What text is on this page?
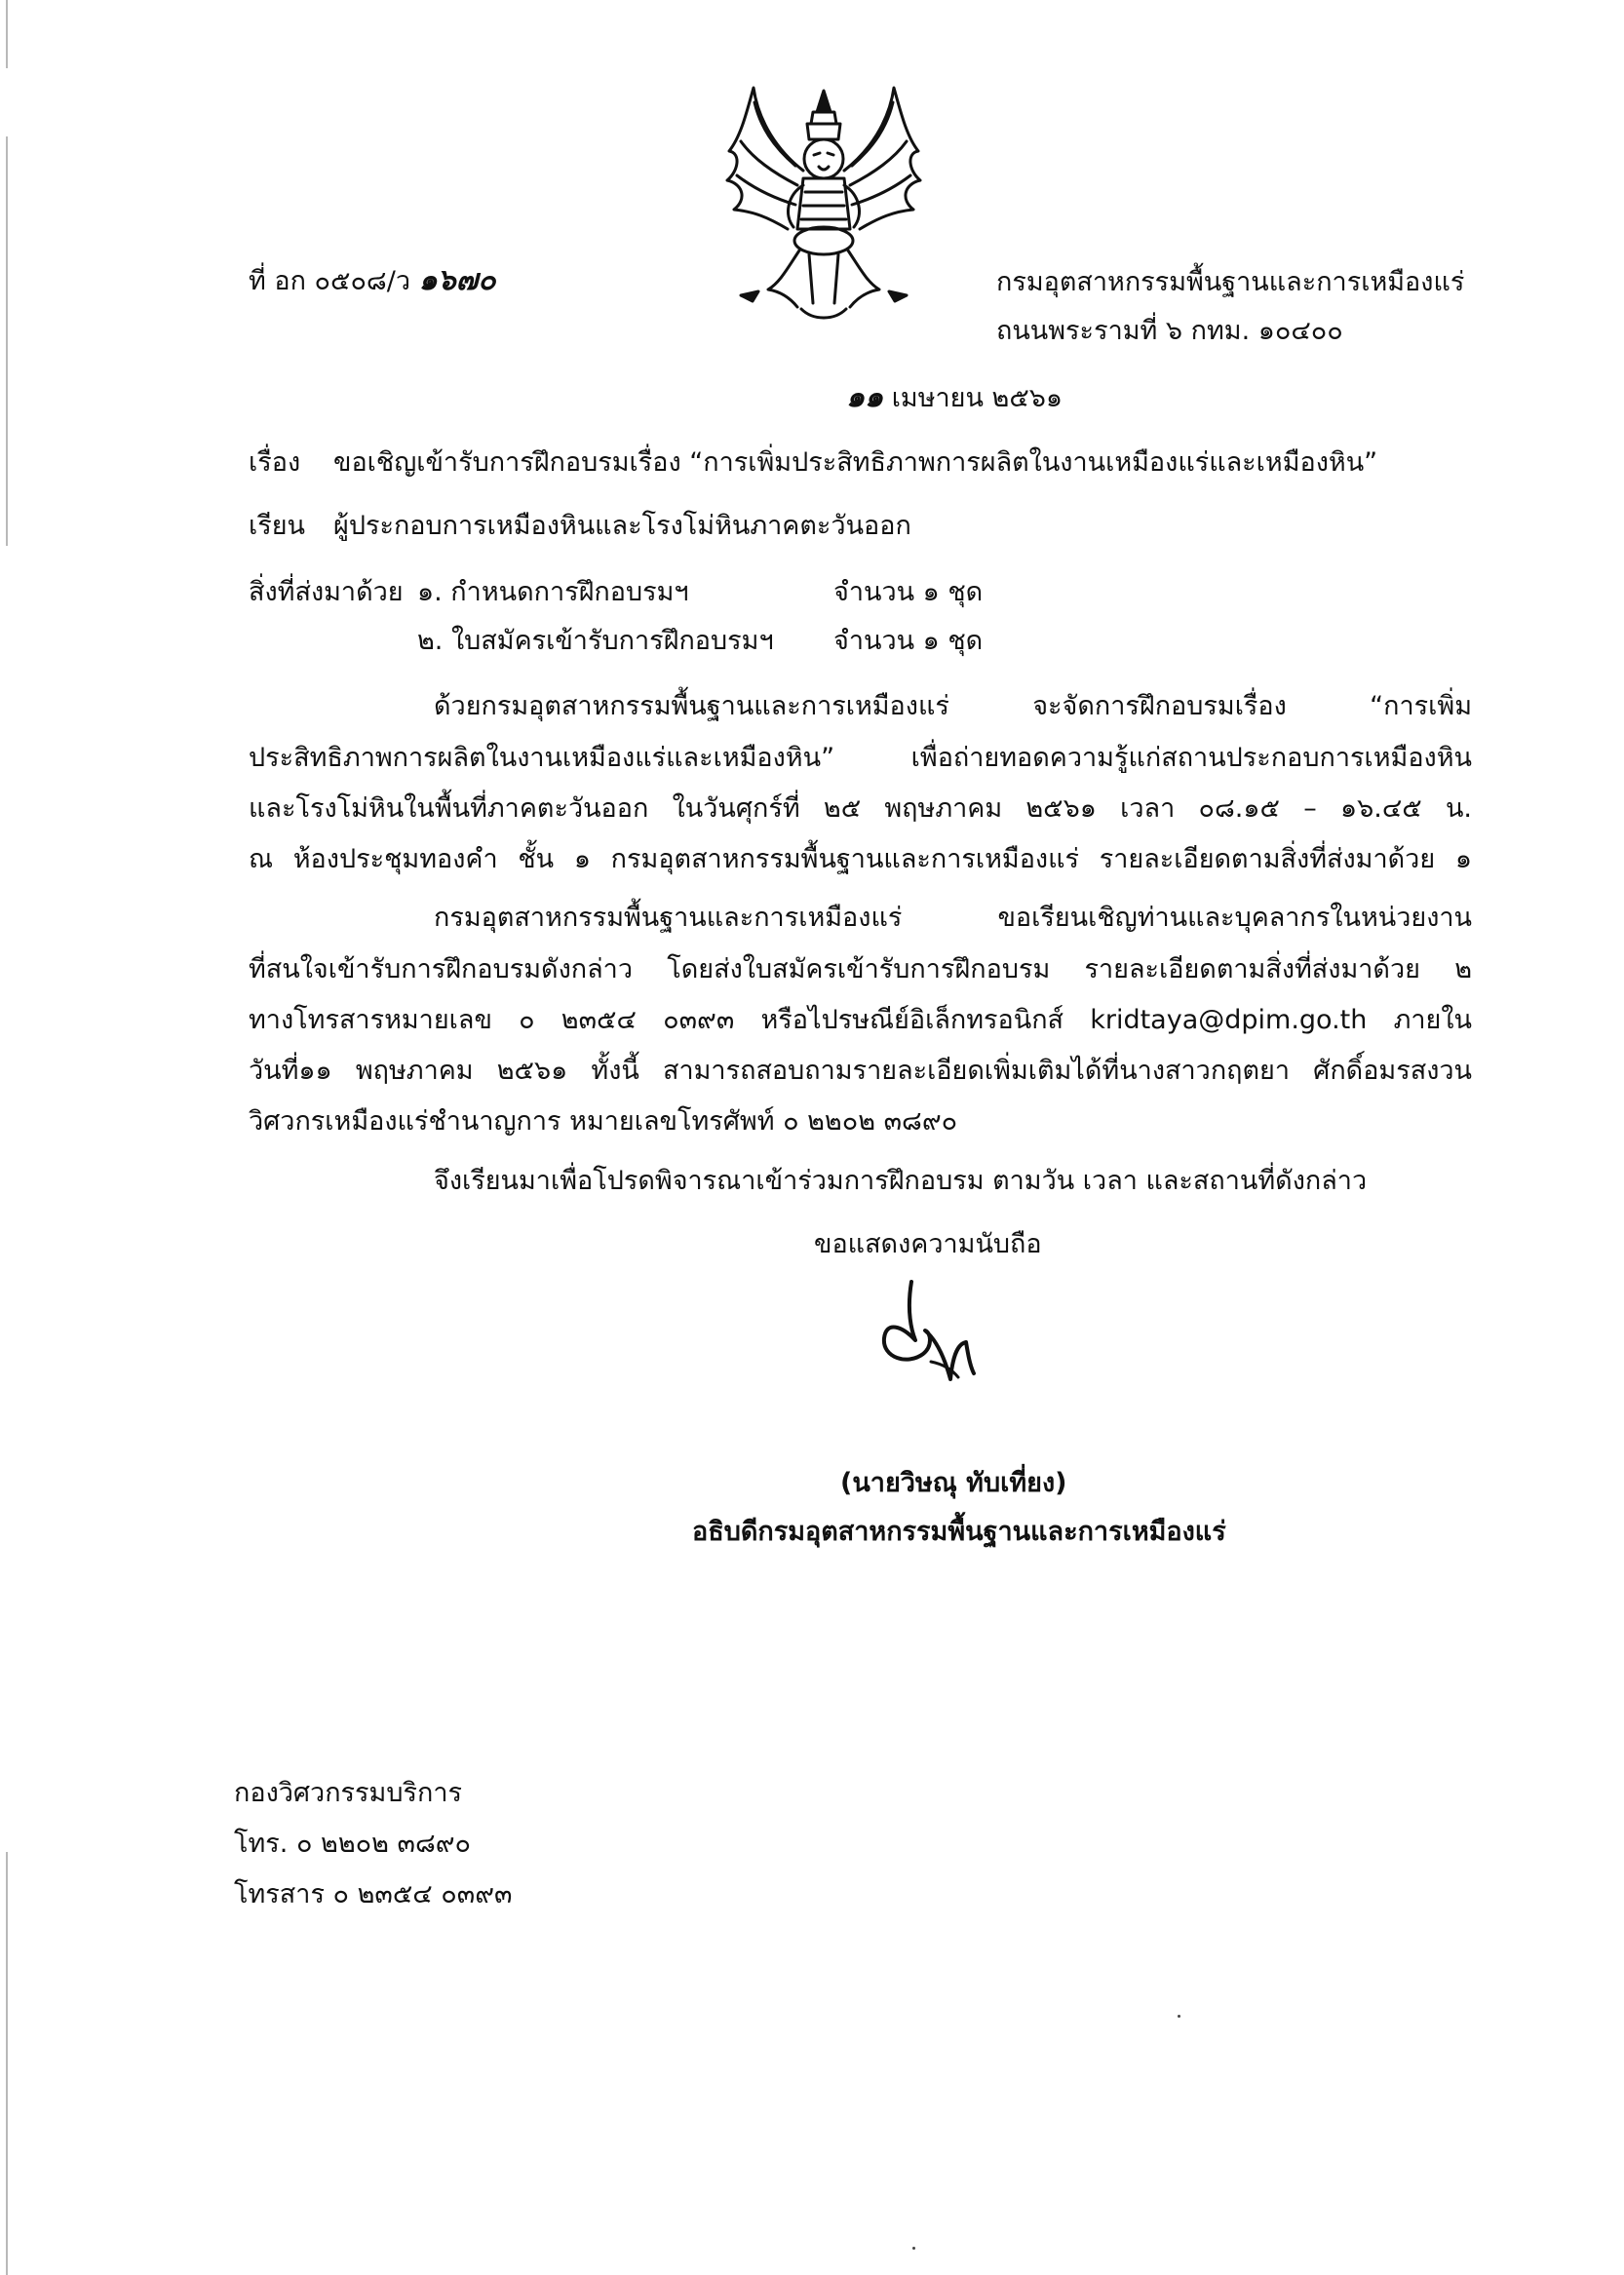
ที่ อก ๐๕๐๘/ว ๑๖๗๐	กรมอุตสาหกรรมพื้นฐานและการเหมืองแร่
ถนนพระรามที่ ๖ กทม. ๑๐๔๐๐
๑๑ เมษายน ๒๕๖๑
เรื่อง ขอเชิญเข้ารับการฝึกอบรมเรื่อง “การเพิ่มประสิทธิภาพการผลิตในงานเหมืองแร่และเหมืองหิน”
เรียน ผู้ประกอบการเหมืองหินและโรงโม่หินภาคตะวันออก
สิ่งที่ส่งมาด้วย ๑. กำหนดการฝึกอบรมฯ	จำนวน ๑ ชุด
๒. ใบสมัครเข้ารับการฝึกอบรมฯ จำนวน ๑ ชุด
ด้วยกรมอุตสาหกรรมพื้นฐานและการเหมืองแร่ จะจัดการฝึกอบรมเรื่อง “การเพิ่ม
ประสิทธิภาพการผลิตในงานเหมืองแร่และเหมืองหิน” เพื่อถ่ายทอดความรู้แก่สถานประกอบการเหมืองหิน
และโรงโม่หินในพื้นที่ภาคตะวันออก ในวันศุกร์ที่ ๒๕ พฤษภาคม ๒๕๖๑ เวลา ๐๘.๑๕ – ๑๖.๔๕ น.
ณ ห้องประชุมทองคำ ชั้น ๑ กรมอุตสาหกรรมพื้นฐานและการเหมืองแร่ รายละเอียดตามสิ่งที่ส่งมาด้วย ๑
กรมอุตสาหกรรมพื้นฐานและการเหมืองแร่ ขอเรียนเชิญท่านและบุคลากรในหน่วยงาน
ที่สนใจเข้ารับการฝึกอบรมดังกล่าว โดยส่งใบสมัครเข้ารับการฝึกอบรม รายละเอียดตามสิ่งที่ส่งมาด้วย ๒
ทางโทรสารหมายเลข ๐ ๒๓๕๔ ๐๓๙๓ หรือไปรษณีย์อิเล็กทรอนิกส์ kridtaya@dpim.go.th ภายใน
วันที่๑๑ พฤษภาคม ๒๕๖๑ ทั้งนี้ สามารถสอบถามรายละเอียดเพิ่มเติมได้ที่นางสาวกฤตยา ศักดิ์อมรสงวน
วิศวกรเหมืองแร่ชำนาญการ หมายเลขโทรศัพท์ ๐ ๒๒๐๒ ๓๘๙๐
จึงเรียนมาเพื่อโปรดพิจารณาเข้าร่วมการฝึกอบรม ตามวัน เวลา และสถานที่ดังกล่าว
ขอแสดงความนับถือ
(นายวิษณุ ทับเที่ยง)
อธิบดีกรมอุตสาหกรรมพื้นฐานและการเหมืองแร่
กองวิศวกรรมบริการ
โทร. ๐ ๒๒๐๒ ๓๘๙๐
โทรสาร ๐ ๒๓๕๔ ๐๓๙๓
